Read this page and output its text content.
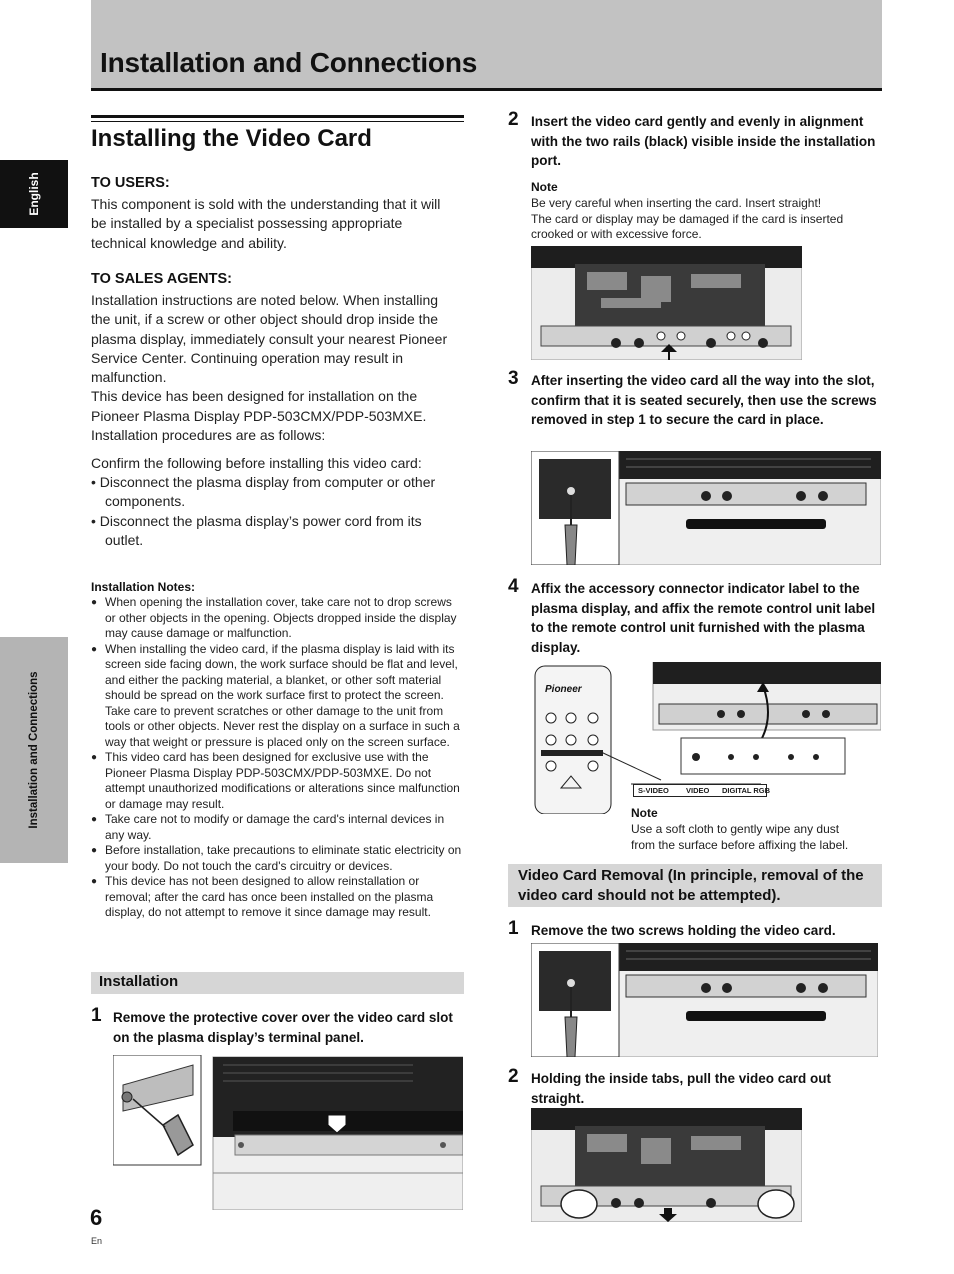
Installation and Connections
English
Installation and Connections
Installing the Video Card
TO USERS:
This component is sold with the understanding that it will
be installed by a specialist possessing appropriate
technical knowledge and ability.
TO SALES AGENTS:
Installation instructions are noted below. When installing
the unit, if a screw or other object should drop inside the
plasma display, immediately consult your nearest Pioneer
Service Center. Continuing operation may result in
malfunction.
This device has been designed for installation on the
Pioneer Plasma Display PDP-503CMX/PDP-503MXE.
Installation procedures are as follows:
Confirm the following before installing this video card:
• Disconnect the plasma display from computer or other components.
• Disconnect the plasma display’s power cord from its outlet.
Installation Notes:
● When opening the installation cover, take care not to drop screws or other objects in the opening. Objects dropped inside the display may cause damage or malfunction.
● When installing the video card, if the plasma display is laid with its screen side facing down, the work surface should be flat and level, and either the packing material, a blanket, or other soft material should be spread on the work surface first to protect the screen. Take care to prevent scratches or other damage to the unit from tools or other objects. Never rest the display on a surface in such a way that weight or pressure is placed only on the screen surface.
● This video card has been designed for exclusive use with the Pioneer Plasma Display PDP-503CMX/PDP-503MXE. Do not attempt unauthorized modifications or alterations since malfunction or damage may result.
● Take care not to modify or damage the card's internal devices in any way.
● Before installation, take precautions to eliminate static electricity on your body. Do not touch the card's circuitry or devices.
● This device has not been designed to allow reinstallation or removal; after the card has once been installed on the plasma display, do not attempt to remove it since damage may result.
Installation
1 Remove the protective cover over the video card slot on the plasma display’s terminal panel.
2 Insert the video card gently and evenly in alignment with the two rails (black) visible inside the installation port.
Note
Be very careful when inserting the card. Insert straight!
The card or display may be damaged if the card is inserted
crooked or with excessive force.
3 After inserting the video card all the way into the slot, confirm that it is seated securely, then use the screws removed in step 1 to secure the card in place.
4 Affix the accessory connector indicator label to the plasma display, and affix the remote control unit label to the remote control unit furnished with the plasma display.
Pioneer
S-VIDEO VIDEO DIGITAL RGB
Note
Use a soft cloth to gently wipe any dust
from the surface before affixing the label.
Video Card Removal (In principle, removal of the video card should not be attempted).
1 Remove the two screws holding the video card.
2 Holding the inside tabs, pull the video card out straight.
6
En
